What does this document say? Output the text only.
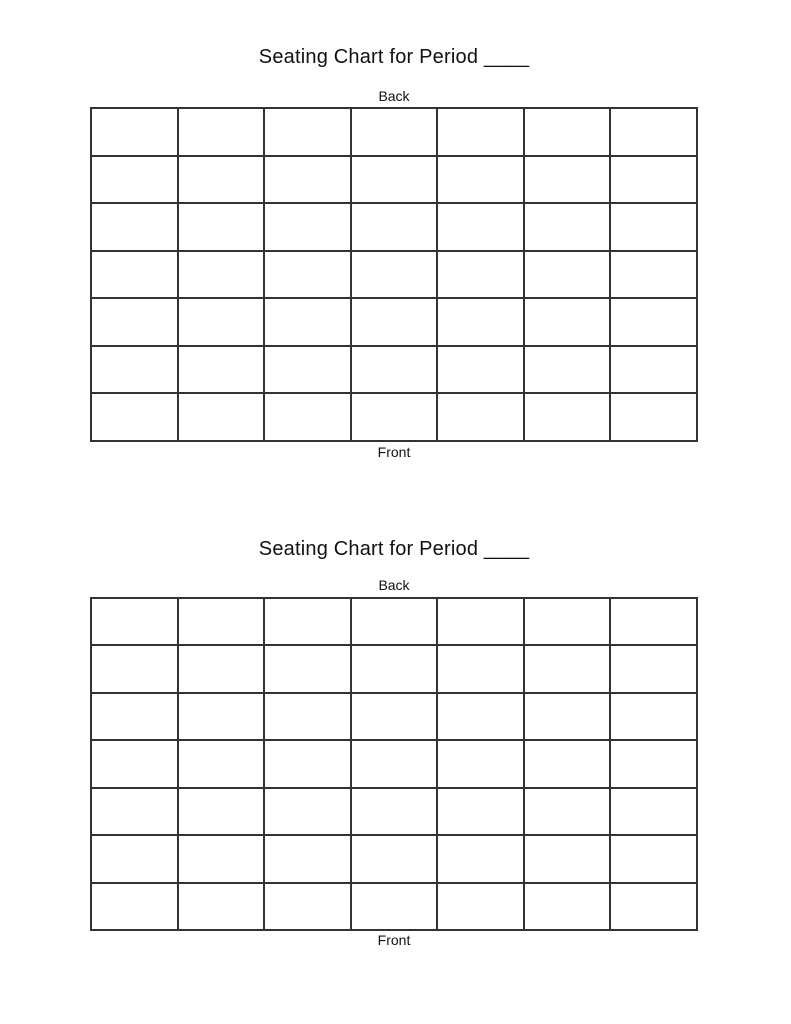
Seating Chart for Period ____
Back

Front
Seating Chart for Period ____
Back

Front
